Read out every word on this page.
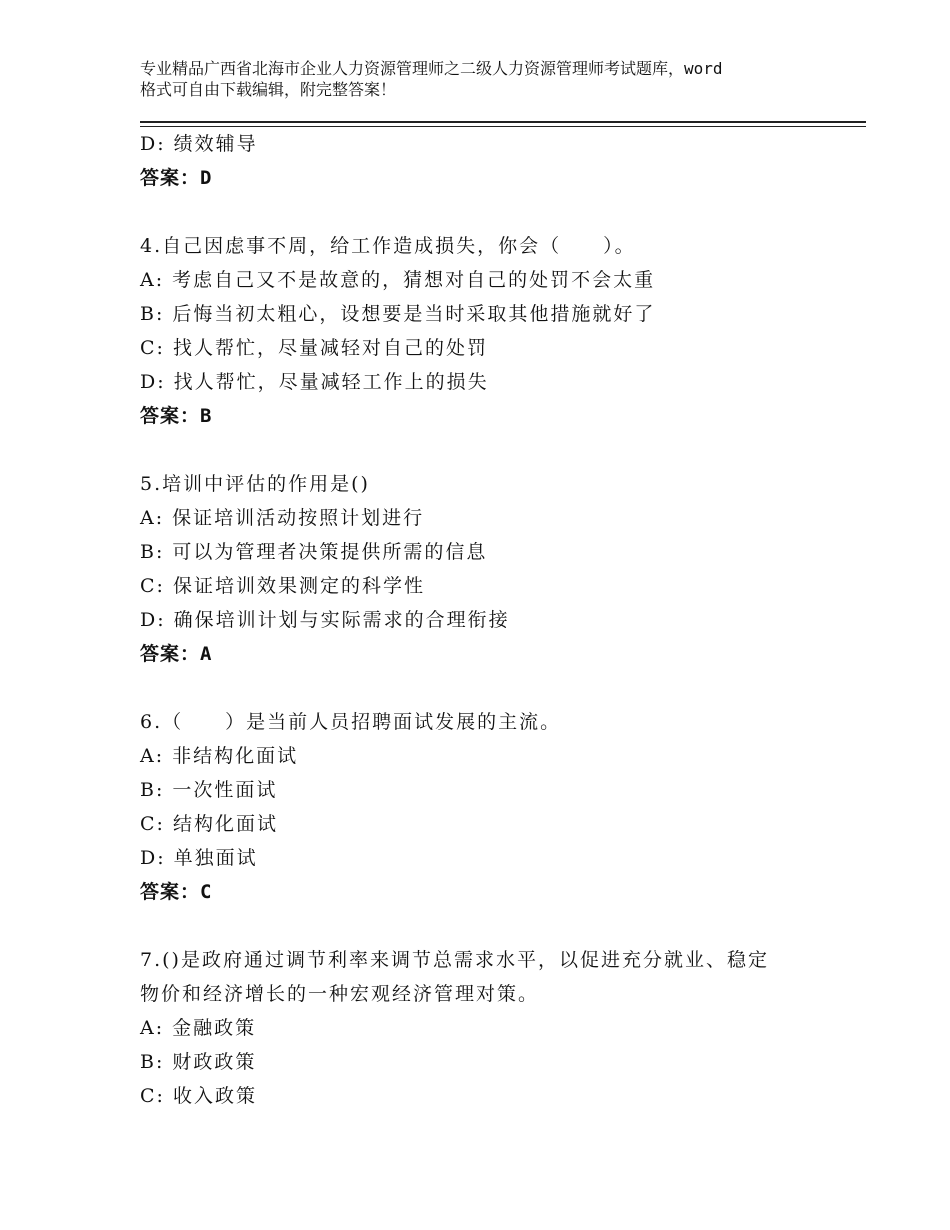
专业精品广西省北海市企业人力资源管理师之二级人力资源管理师考试题库，word
格式可自由下载编辑，附完整答案！
D: 绩效辅导
答案：D
4.自己因虑事不周，给工作造成损失，你会（　　）。
A: 考虑自己又不是故意的，猜想对自己的处罚不会太重
B: 后悔当初太粗心，设想要是当时采取其他措施就好了
C: 找人帮忙，尽量减轻对自己的处罚
D: 找人帮忙，尽量减轻工作上的损失
答案：B
5.培训中评估的作用是()
A: 保证培训活动按照计划进行
B: 可以为管理者决策提供所需的信息
C: 保证培训效果测定的科学性
D: 确保培训计划与实际需求的合理衔接
答案：A
6.（　　）是当前人员招聘面试发展的主流。
A: 非结构化面试
B: 一次性面试
C: 结构化面试
D: 单独面试
答案：C
7.()是政府通过调节利率来调节总需求水平，以促进充分就业、稳定
物价和经济增长的一种宏观经济管理对策。
A: 金融政策
B: 财政政策
C: 收入政策
